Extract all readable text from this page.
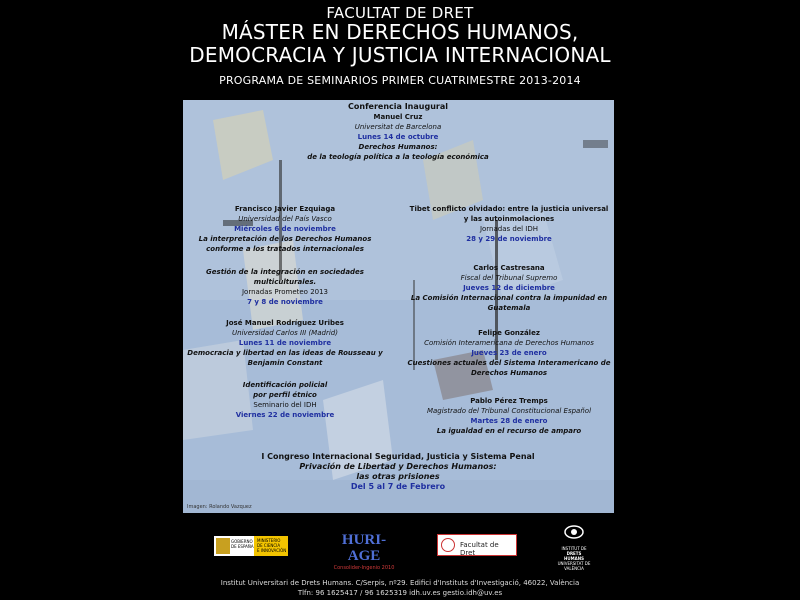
FACULTAT DE DRET
MÁSTER EN DERECHOS HUMANOS,
DEMOCRACIA Y JUSTICIA INTERNACIONAL
PROGRAMA DE SEMINARIOS PRIMER CUATRIMESTRE 2013-2014
Conferencia Inaugural
Manuel Cruz
Universitat de Barcelona
Lunes 14 de octubre
Derechos Humanos:
de la teología política a la teología económica
Francisco Javier Ezquiaga
Universidad del País Vasco
Miércoles 6 de noviembre
La interpretación de los Derechos Humanos
conforme a los tratados internacionales
Gestión de la integración en sociedades
multiculturales.
Jornadas Prometeo 2013
7 y 8 de noviembre
José Manuel Rodríguez Uribes
Universidad Carlos III (Madrid)
Lunes 11 de noviembre
Democracia y libertad en las ideas de Rousseau y
Benjamin Constant
Identificación policial
por perfil étnico
Seminario del IDH
Viernes 22 de noviembre
Tibet conflicto olvidado: entre la justicia universal
y las autoinmolaciones
Jornadas del IDH
28 y 29 de noviembre
Carlos Castresana
Fiscal del Tribunal Supremo
Jueves 12 de diciembre
La Comisión Internacional contra la impunidad en
Guatemala
Felipe González
Comisión Interamericana de Derechos Humanos
Jueves 23 de enero
Cuestiones actuales del Sistema Interamericano de
Derechos Humanos
Pablo Pérez Tremps
Magistrado del Tribunal Constitucional Español
Martes 28 de enero
La igualdad en el recurso de amparo
I Congreso Internacional Seguridad, Justicia y Sistema Penal
Privación de Libertad y Derechos Humanos:
las otras prisiones
Del 5 al 7 de Febrero
Imagen: Rolando Vazquez
GOBIERNO
DE ESPAÑA
MINISTERIO
DE CIENCIA
E INNOVACIÓN
HURI-AGE
Consolider-Ingenio 2010
Facultat de Dret
INSTITUT DE
DRETS
HUMANS
UNIVERSITAT DE VALÈNCIA
Institut Universitari de Drets Humans. C/Serpis, nº29. Edifici d'Instituts d'Investigació, 46022, València
Tlfn: 96 1625417 / 96 1625319 idh.uv.es gestio.idh@uv.es
